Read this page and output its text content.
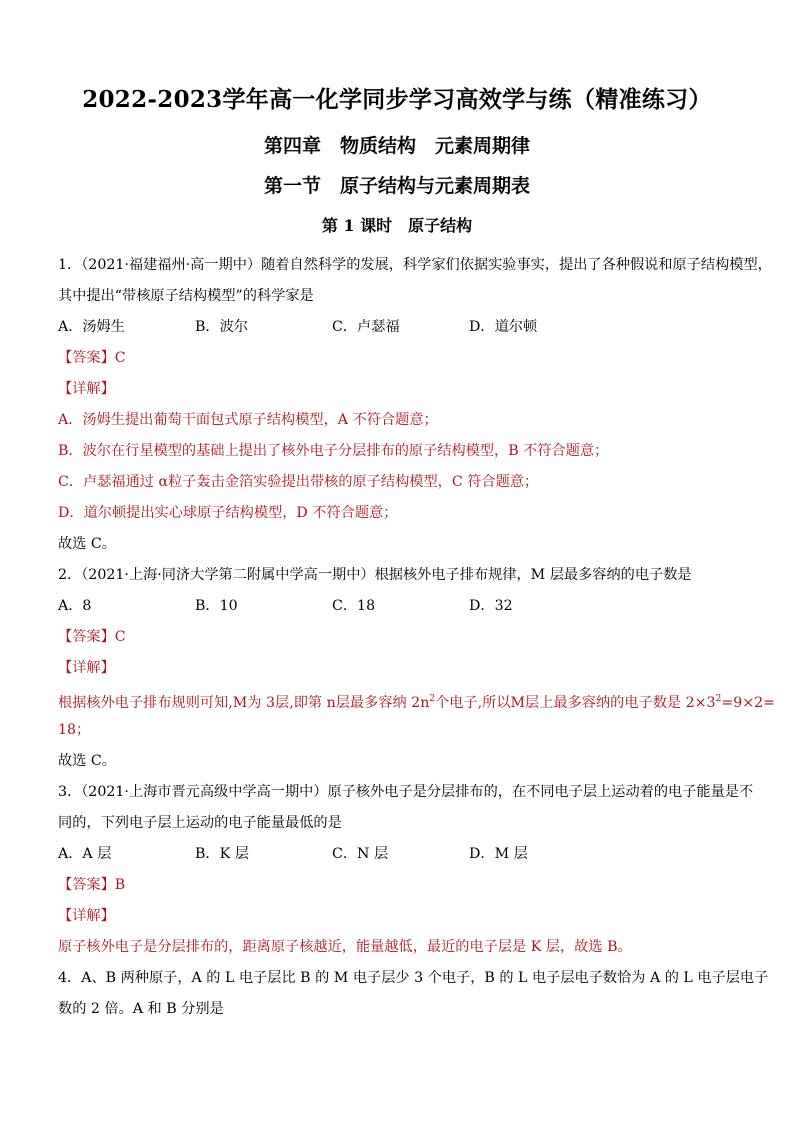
2022-2023学年高一化学同步学习高效学与练（精准练习）
第四章　物质结构　元素周期律
第一节　原子结构与元素周期表
第 1 课时　原子结构
1．（2021·福建福州·高一期中）随着自然科学的发展，科学家们依据实验事实，提出了各种假说和原子结构模型，
其中提出“带核原子结构模型”的科学家是
A．汤姆生	B．波尔	C．卢瑟福	D．道尔顿
【答案】C
【详解】
A．汤姆生提出葡萄干面包式原子结构模型，A 不符合题意；
B．波尔在行星模型的基础上提出了核外电子分层排布的原子结构模型，B 不符合题意；
C．卢瑟福通过 α粒子轰击金箔实验提出带核的原子结构模型，C 符合题意；
D．道尔顿提出实心球原子结构模型，D 不符合题意；
故选 C。
2．（2021·上海·同济大学第二附属中学高一期中）根据核外电子排布规律，M 层最多容纳的电子数是
A．8	B．10	C．18	D．32
【答案】C
【详解】
根据核外电子排布规则可知,M为 3层,即第 n层最多容纳 $2n^2$个电子,所以M层上最多容纳的电子数是 $2\times 3^2=9\times 2=$
18；
故选 C。
3．（2021·上海市晋元高级中学高一期中）原子核外电子是分层排布的，在不同电子层上运动着的电子能量是不
同的，下列电子层上运动的电子能量最低的是
A．A 层	B．K 层	C．N 层	D．M 层
【答案】B
【详解】
原子核外电子是分层排布的，距离原子核越近，能量越低，最近的电子层是 K 层，故选 B。
4．A、B 两种原子，A 的 L 电子层比 B 的 M 电子层少 3 个电子，B 的 L 电子层电子数恰为 A 的 L 电子层电子
数的 2 倍。A 和 B 分别是
